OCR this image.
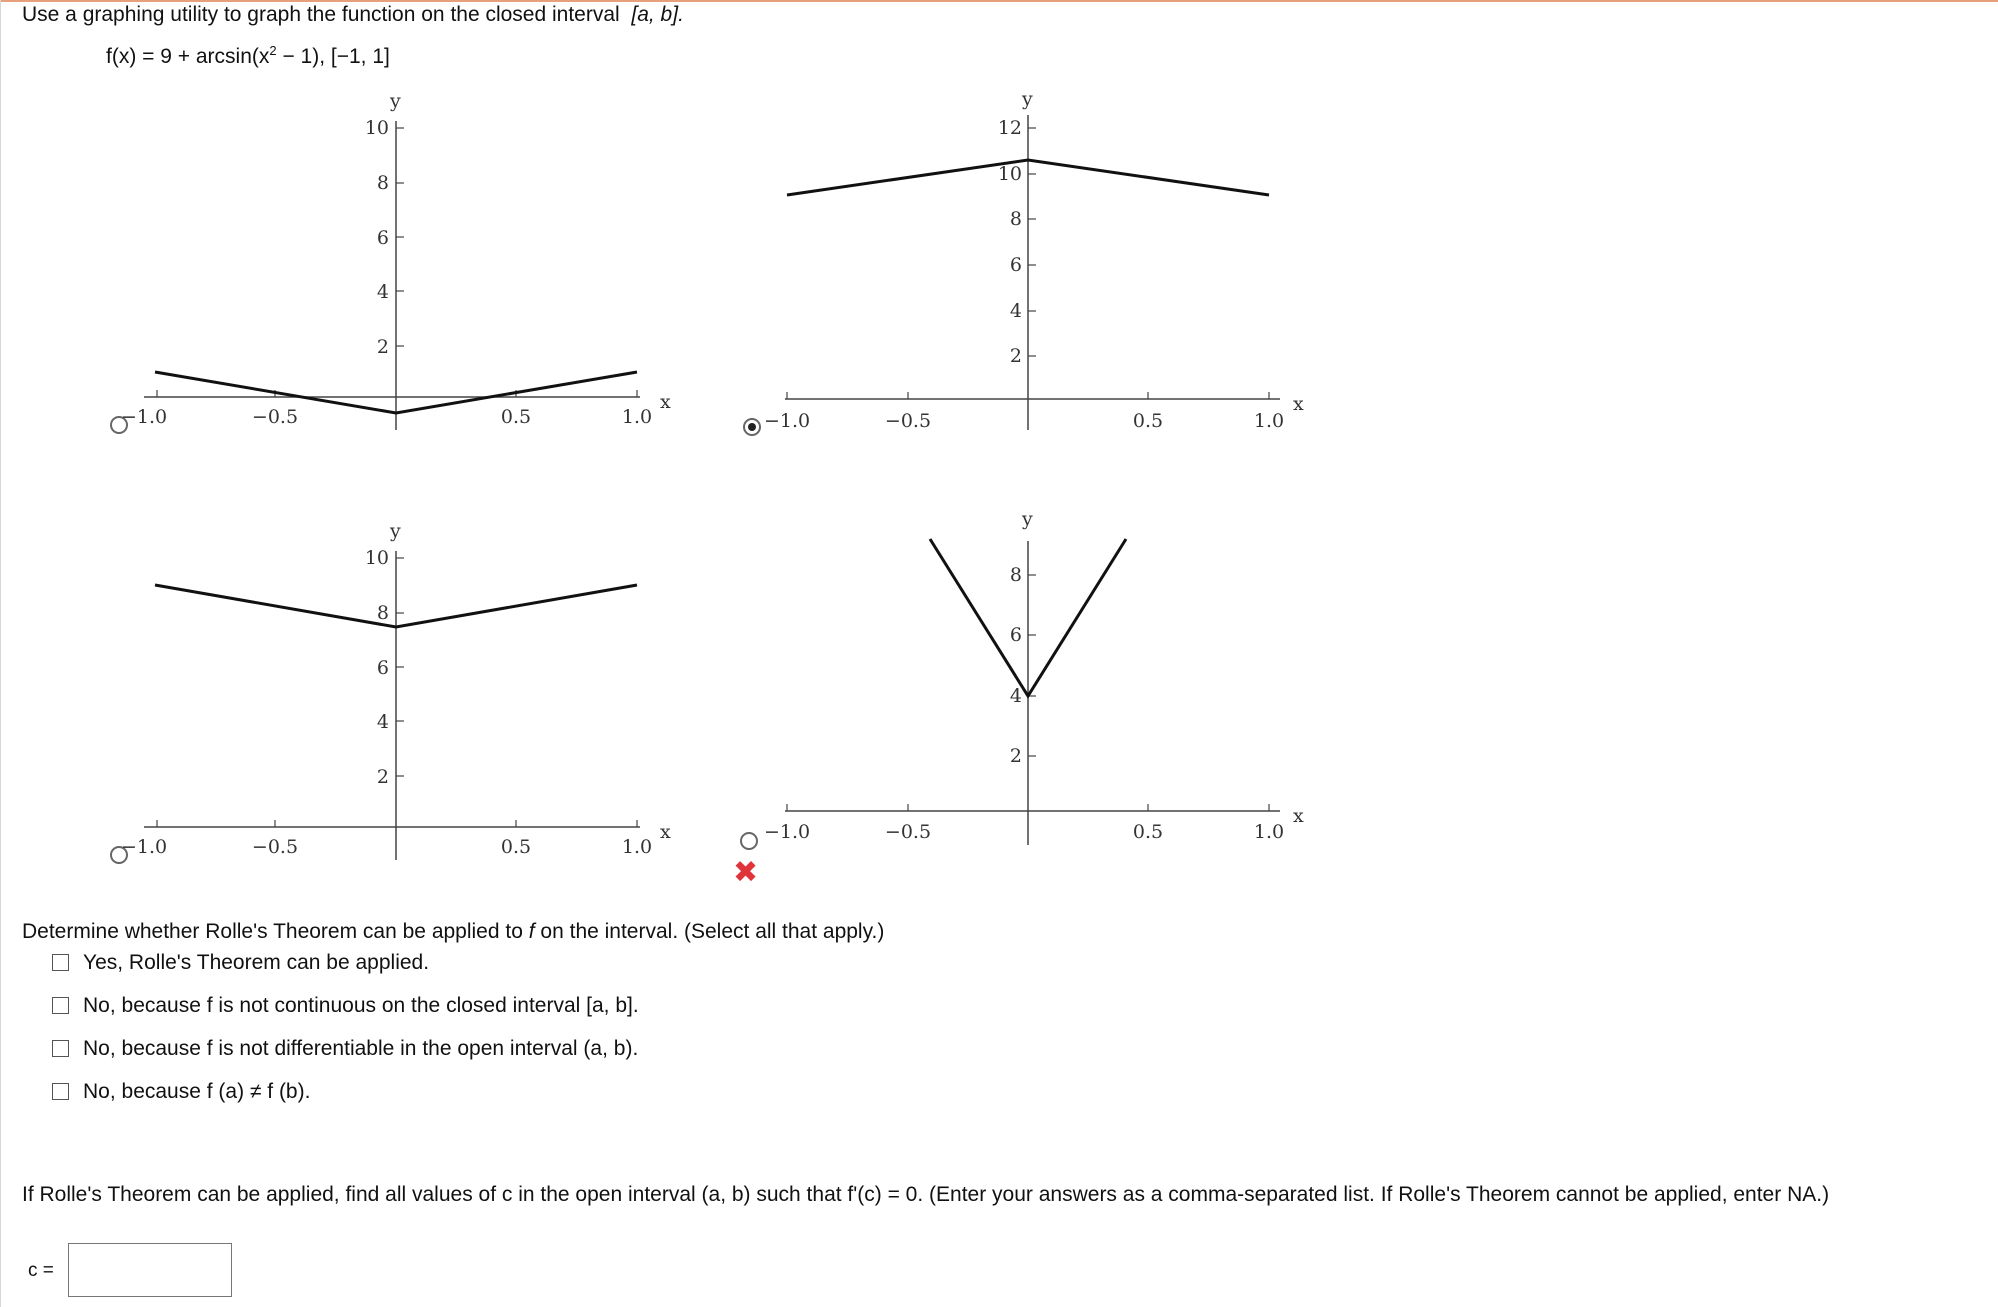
Use a graphing utility to graph the function on the closed interval [a, b].
$f(x) = 9 + \arcsin(x^2 - 1)$, [−1, 1]
x
y
−1.0	−0.5	0.5	1.0
10
8
6
4
2
x
y
−1.0	−0.5	0.5	1.0
12
10
8
6
4
2
x
y
−1.0	−0.5	0.5	1.0
10
8
6
4
2
✖
x
y
−1.0	−0.5	0.5	1.0
8
6
4
2
Determine whether Rolle's Theorem can be applied to f on the interval. (Select all that apply.)
Yes, Rolle's Theorem can be applied.
No, because f is not continuous on the closed interval [a, b].
No, because f is not differentiable in the open interval (a, b).
No, because f (a) ≠ f (b).
If Rolle's Theorem can be applied, find all values of c in the open interval (a, b) such that f'(c) = 0. (Enter your answers as a comma-separated list. If Rolle's Theorem cannot be applied, enter NA.)
c =
